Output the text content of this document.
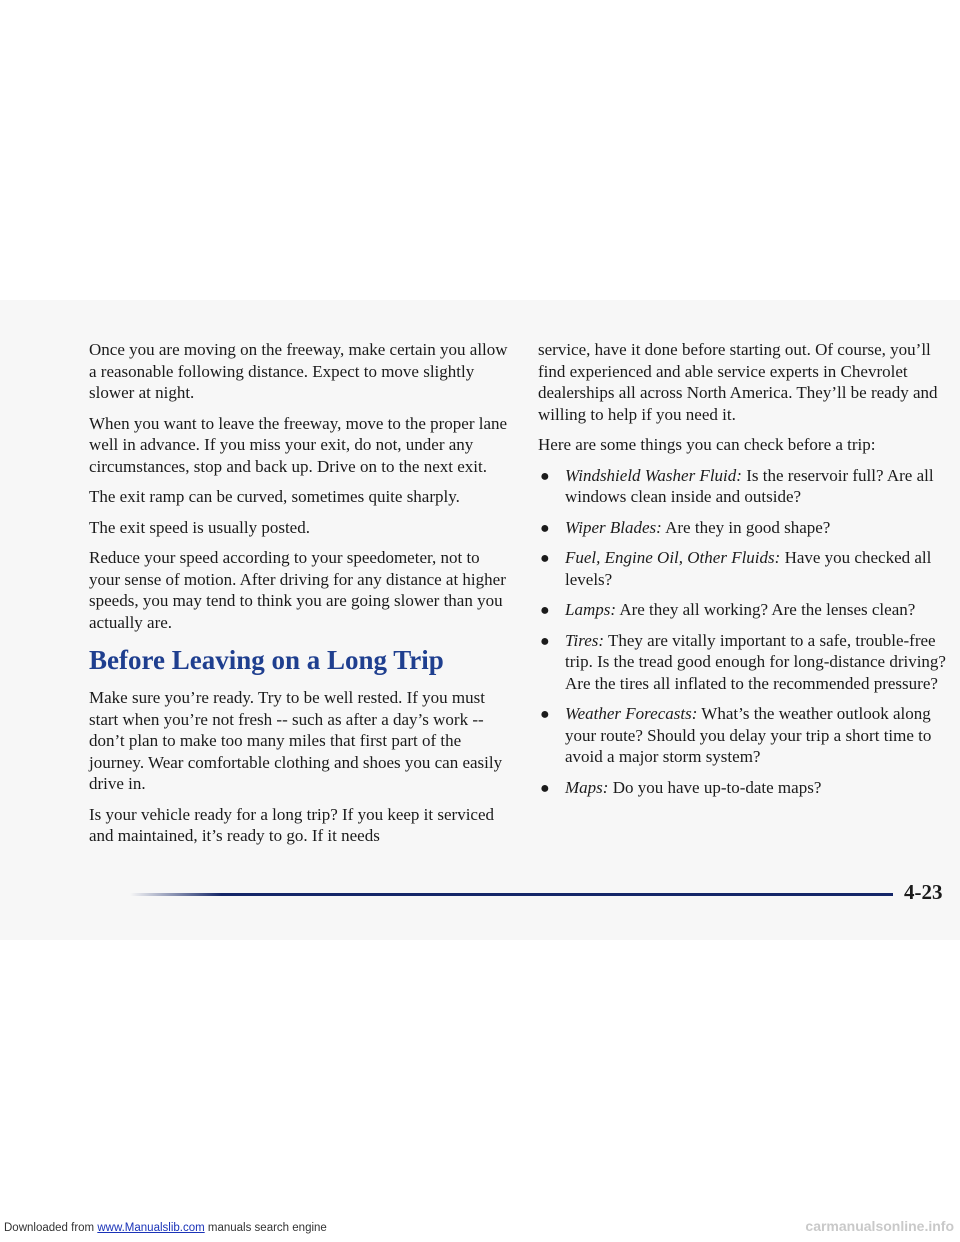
Once you are moving on the freeway, make certain you allow a reasonable following distance. Expect to move slightly slower at night.

When you want to leave the freeway, move to the proper lane well in advance. If you miss your exit, do not, under any circumstances, stop and back up. Drive on to the next exit.

The exit ramp can be curved, sometimes quite sharply.

The exit speed is usually posted.

Reduce your speed according to your speedometer, not to your sense of motion. After driving for any distance at higher speeds, you may tend to think you are going slower than you actually are.

Before Leaving on a Long Trip

Make sure you’re ready. Try to be well rested. If you must start when you’re not fresh -- such as after a day’s work -- don’t plan to make too many miles that first part of the journey. Wear comfortable clothing and shoes you can easily drive in.

Is your vehicle ready for a long trip? If you keep it serviced and maintained, it’s ready to go. If it needs

service, have it done before starting out. Of course, you’ll find experienced and able service experts in Chevrolet dealerships all across North America. They’ll be ready and willing to help if you need it.

Here are some things you can check before a trip:

● Windshield Washer Fluid: Is the reservoir full? Are all windows clean inside and outside?
● Wiper Blades: Are they in good shape?
● Fuel, Engine Oil, Other Fluids: Have you checked all levels?
● Lamps: Are they all working? Are the lenses clean?
● Tires: They are vitally important to a safe, trouble-free trip. Is the tread good enough for long-distance driving? Are the tires all inflated to the recommended pressure?
● Weather Forecasts: What’s the weather outlook along your route? Should you delay your trip a short time to avoid a major storm system?
● Maps: Do you have up-to-date maps?
4-23
Downloaded from www.Manualslib.com manuals search engine	carmanualsonline.info
